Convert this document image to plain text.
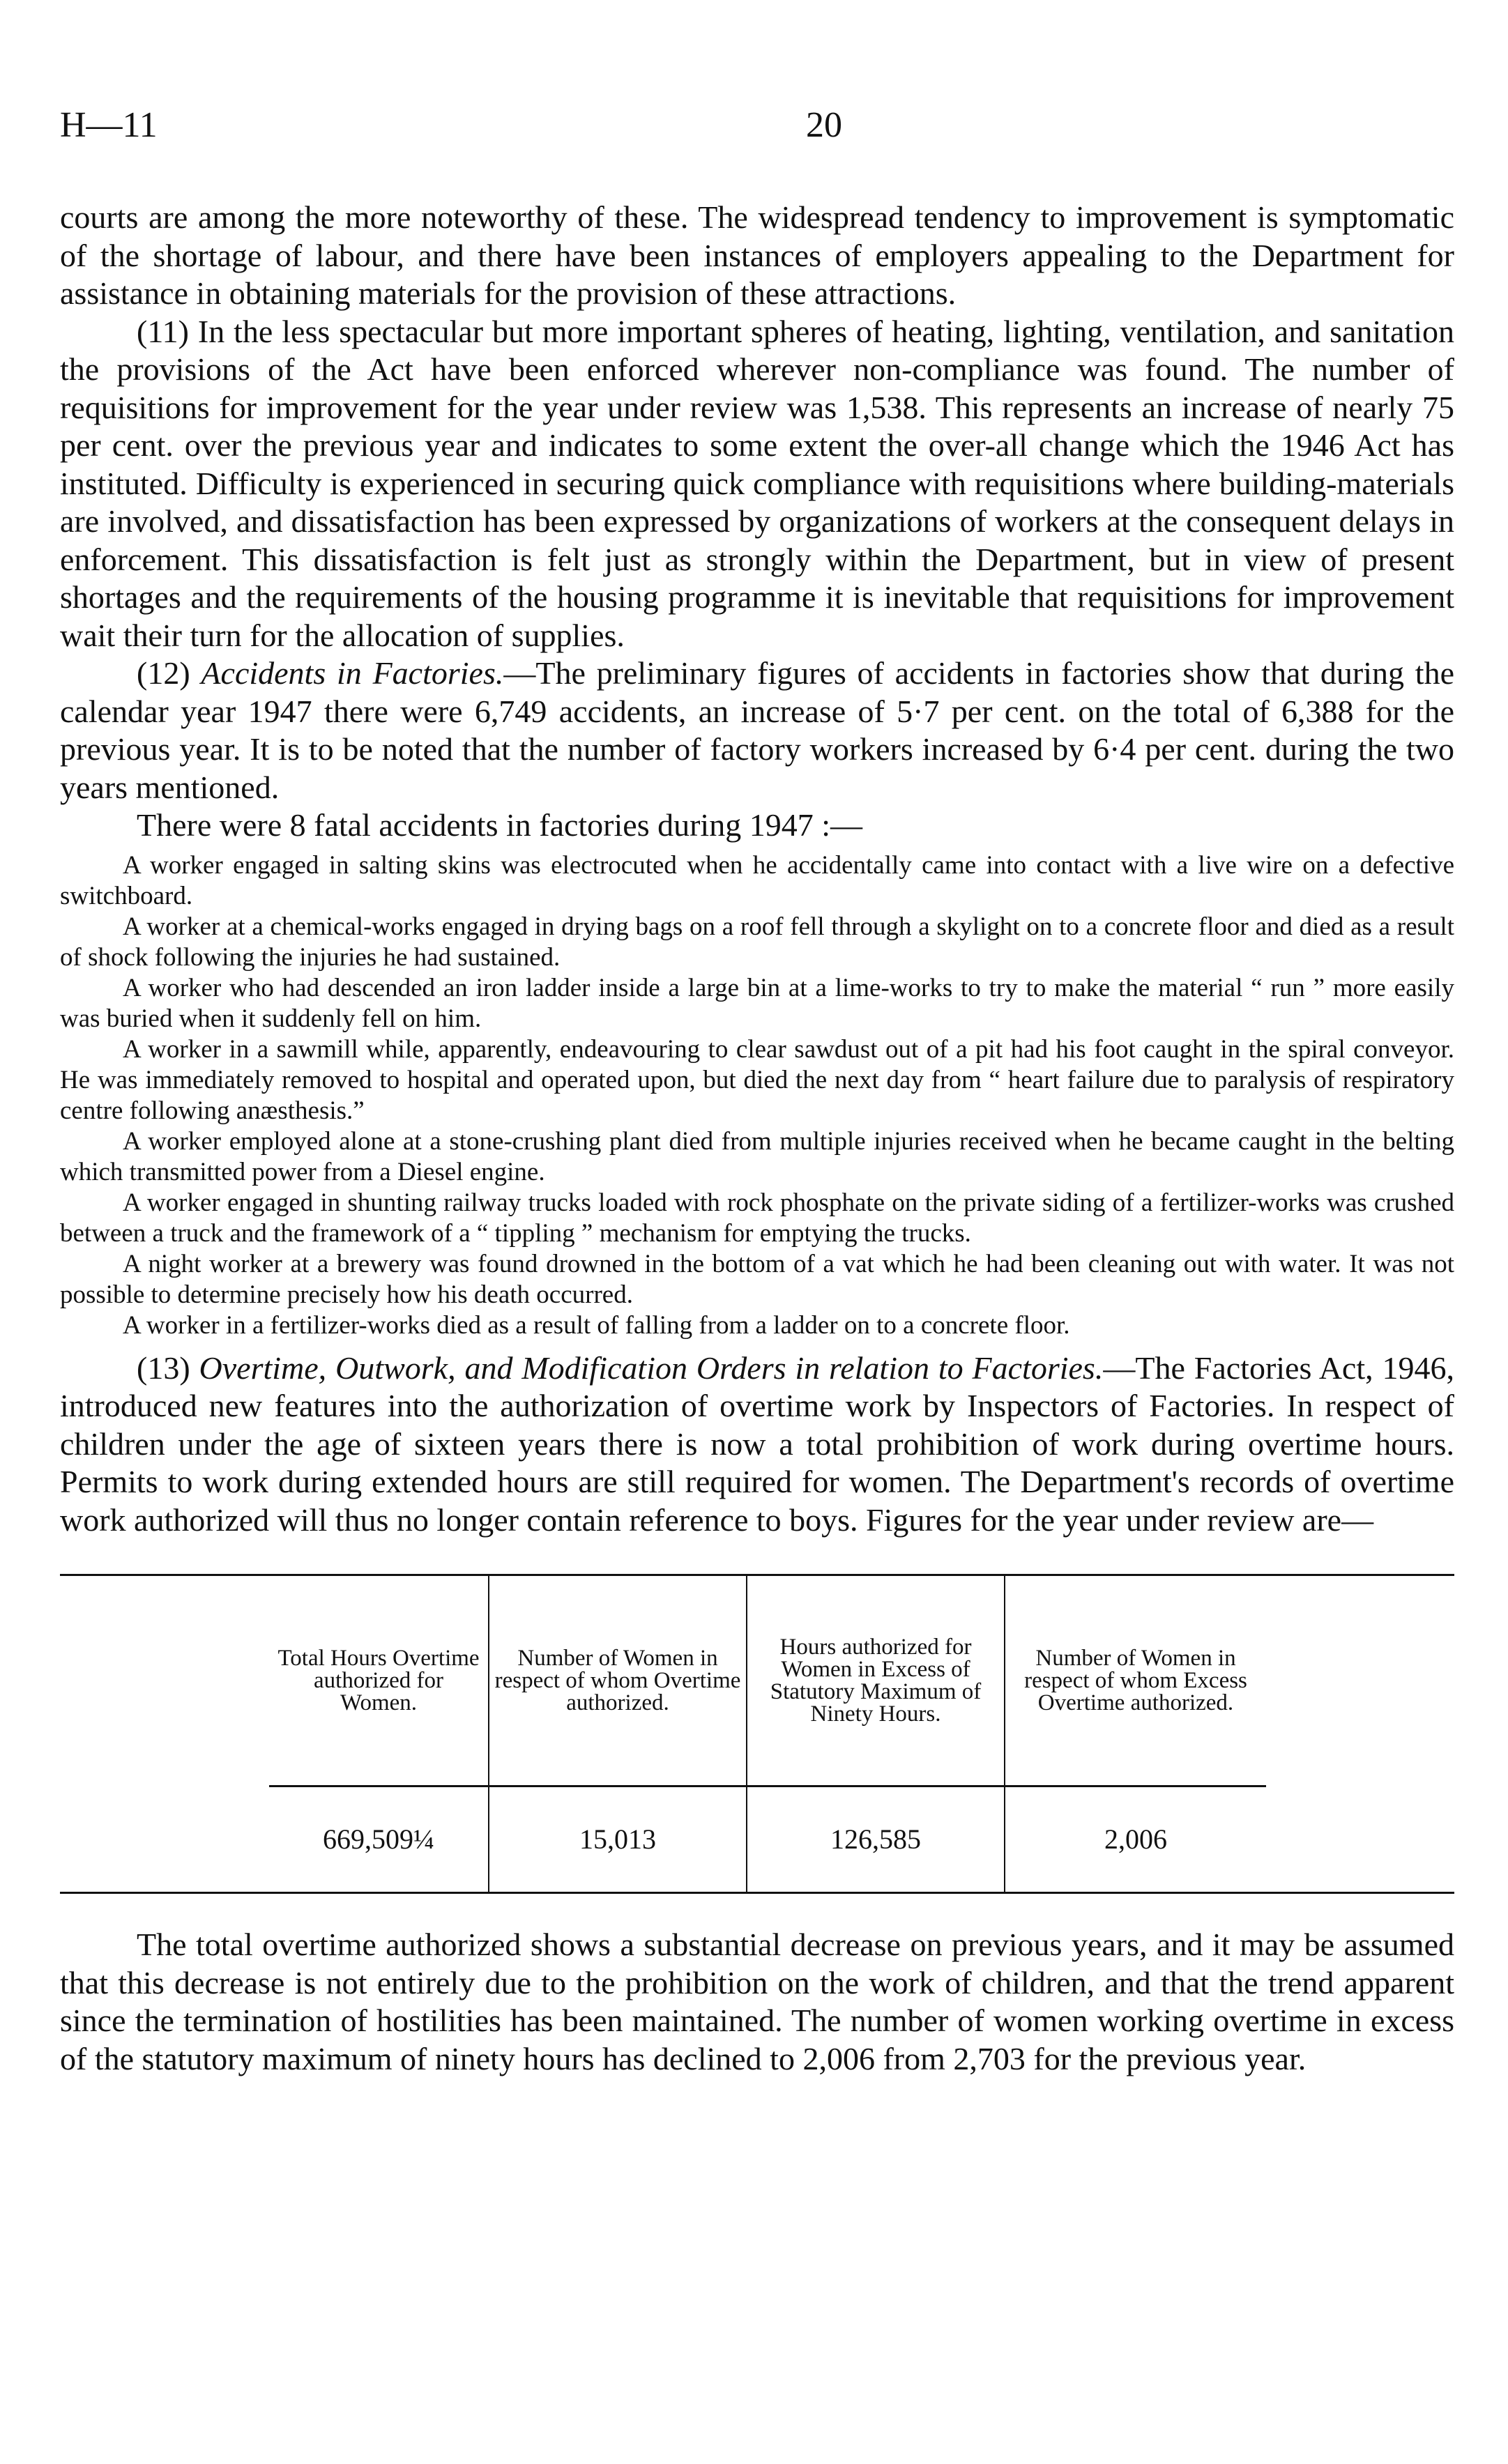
H—11	20

courts are among the more noteworthy of these. The widespread tendency to improvement is symptomatic of the shortage of labour, and there have been instances of employers appealing to the Department for assistance in obtaining materials for the provision of these attractions.

(11) In the less spectacular but more important spheres of heating, lighting, ventilation, and sanitation the provisions of the Act have been enforced wherever non-compliance was found. The number of requisitions for improvement for the year under review was 1,538. This represents an increase of nearly 75 per cent. over the previous year and indicates to some extent the over-all change which the 1946 Act has instituted. Difficulty is experienced in securing quick compliance with requisitions where building-materials are involved, and dissatisfaction has been expressed by organizations of workers at the consequent delays in enforcement. This dissatisfaction is felt just as strongly within the Department, but in view of present shortages and the requirements of the housing programme it is inevitable that requisitions for improvement wait their turn for the allocation of supplies.

(12) Accidents in Factories.—The preliminary figures of accidents in factories show that during the calendar year 1947 there were 6,749 accidents, an increase of 5·7 per cent. on the total of 6,388 for the previous year. It is to be noted that the number of factory workers increased by 6·4 per cent. during the two years mentioned.

There were 8 fatal accidents in factories during 1947 :—

A worker engaged in salting skins was electrocuted when he accidentally came into contact with a live wire on a defective switchboard.

A worker at a chemical-works engaged in drying bags on a roof fell through a skylight on to a concrete floor and died as a result of shock following the injuries he had sustained.

A worker who had descended an iron ladder inside a large bin at a lime-works to try to make the material “ run ” more easily was buried when it suddenly fell on him.

A worker in a sawmill while, apparently, endeavouring to clear sawdust out of a pit had his foot caught in the spiral conveyor. He was immediately removed to hospital and operated upon, but died the next day from “ heart failure due to paralysis of respiratory centre following anæsthesis.”

A worker employed alone at a stone-crushing plant died from multiple injuries received when he became caught in the belting which transmitted power from a Diesel engine.

A worker engaged in shunting railway trucks loaded with rock phosphate on the private siding of a fertilizer-works was crushed between a truck and the framework of a “ tippling ” mechanism for emptying the trucks.

A night worker at a brewery was found drowned in the bottom of a vat which he had been cleaning out with water. It was not possible to determine precisely how his death occurred.

A worker in a fertilizer-works died as a result of falling from a ladder on to a concrete floor.

(13) Overtime, Outwork, and Modification Orders in relation to Factories.—The Factories Act, 1946, introduced new features into the authorization of overtime work by Inspectors of Factories. In respect of children under the age of sixteen years there is now a total prohibition of work during overtime hours. Permits to work during extended hours are still required for women. The Department's records of overtime work authorized will thus no longer contain reference to boys. Figures for the year under review are—

	Total Hours Overtime authorized for Women.	Number of Women in respect of whom Overtime authorized.	Hours authorized for Women in Excess of Statutory Maximum of Ninety Hours.	Number of Women in respect of whom Excess Overtime authorized.	

	669,509¼	15,013	126,585	2,006	

The total overtime authorized shows a substantial decrease on previous years, and it may be assumed that this decrease is not entirely due to the prohibition on the work of children, and that the trend apparent since the termination of hostilities has been maintained. The number of women working overtime in excess of the statutory maximum of ninety hours has declined to 2,006 from 2,703 for the previous year.
